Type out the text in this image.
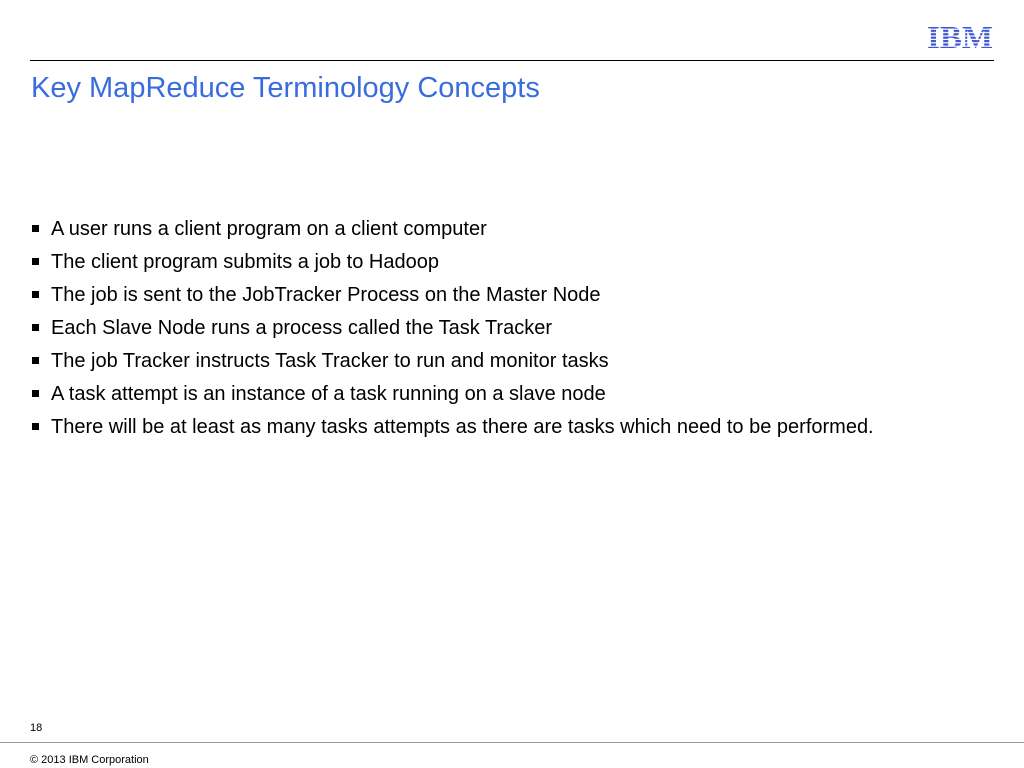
IBM
Key MapReduce Terminology Concepts
A user runs a client program on a client computer
The client program submits a job to Hadoop
The job is sent to the JobTracker Process on the Master Node
Each Slave Node runs a process called the Task Tracker
The job Tracker instructs Task Tracker to run and monitor tasks
A task attempt is an instance of a task running on a slave node
There will be at least as many tasks attempts as there are tasks which need to be performed.
18
© 2013 IBM Corporation
